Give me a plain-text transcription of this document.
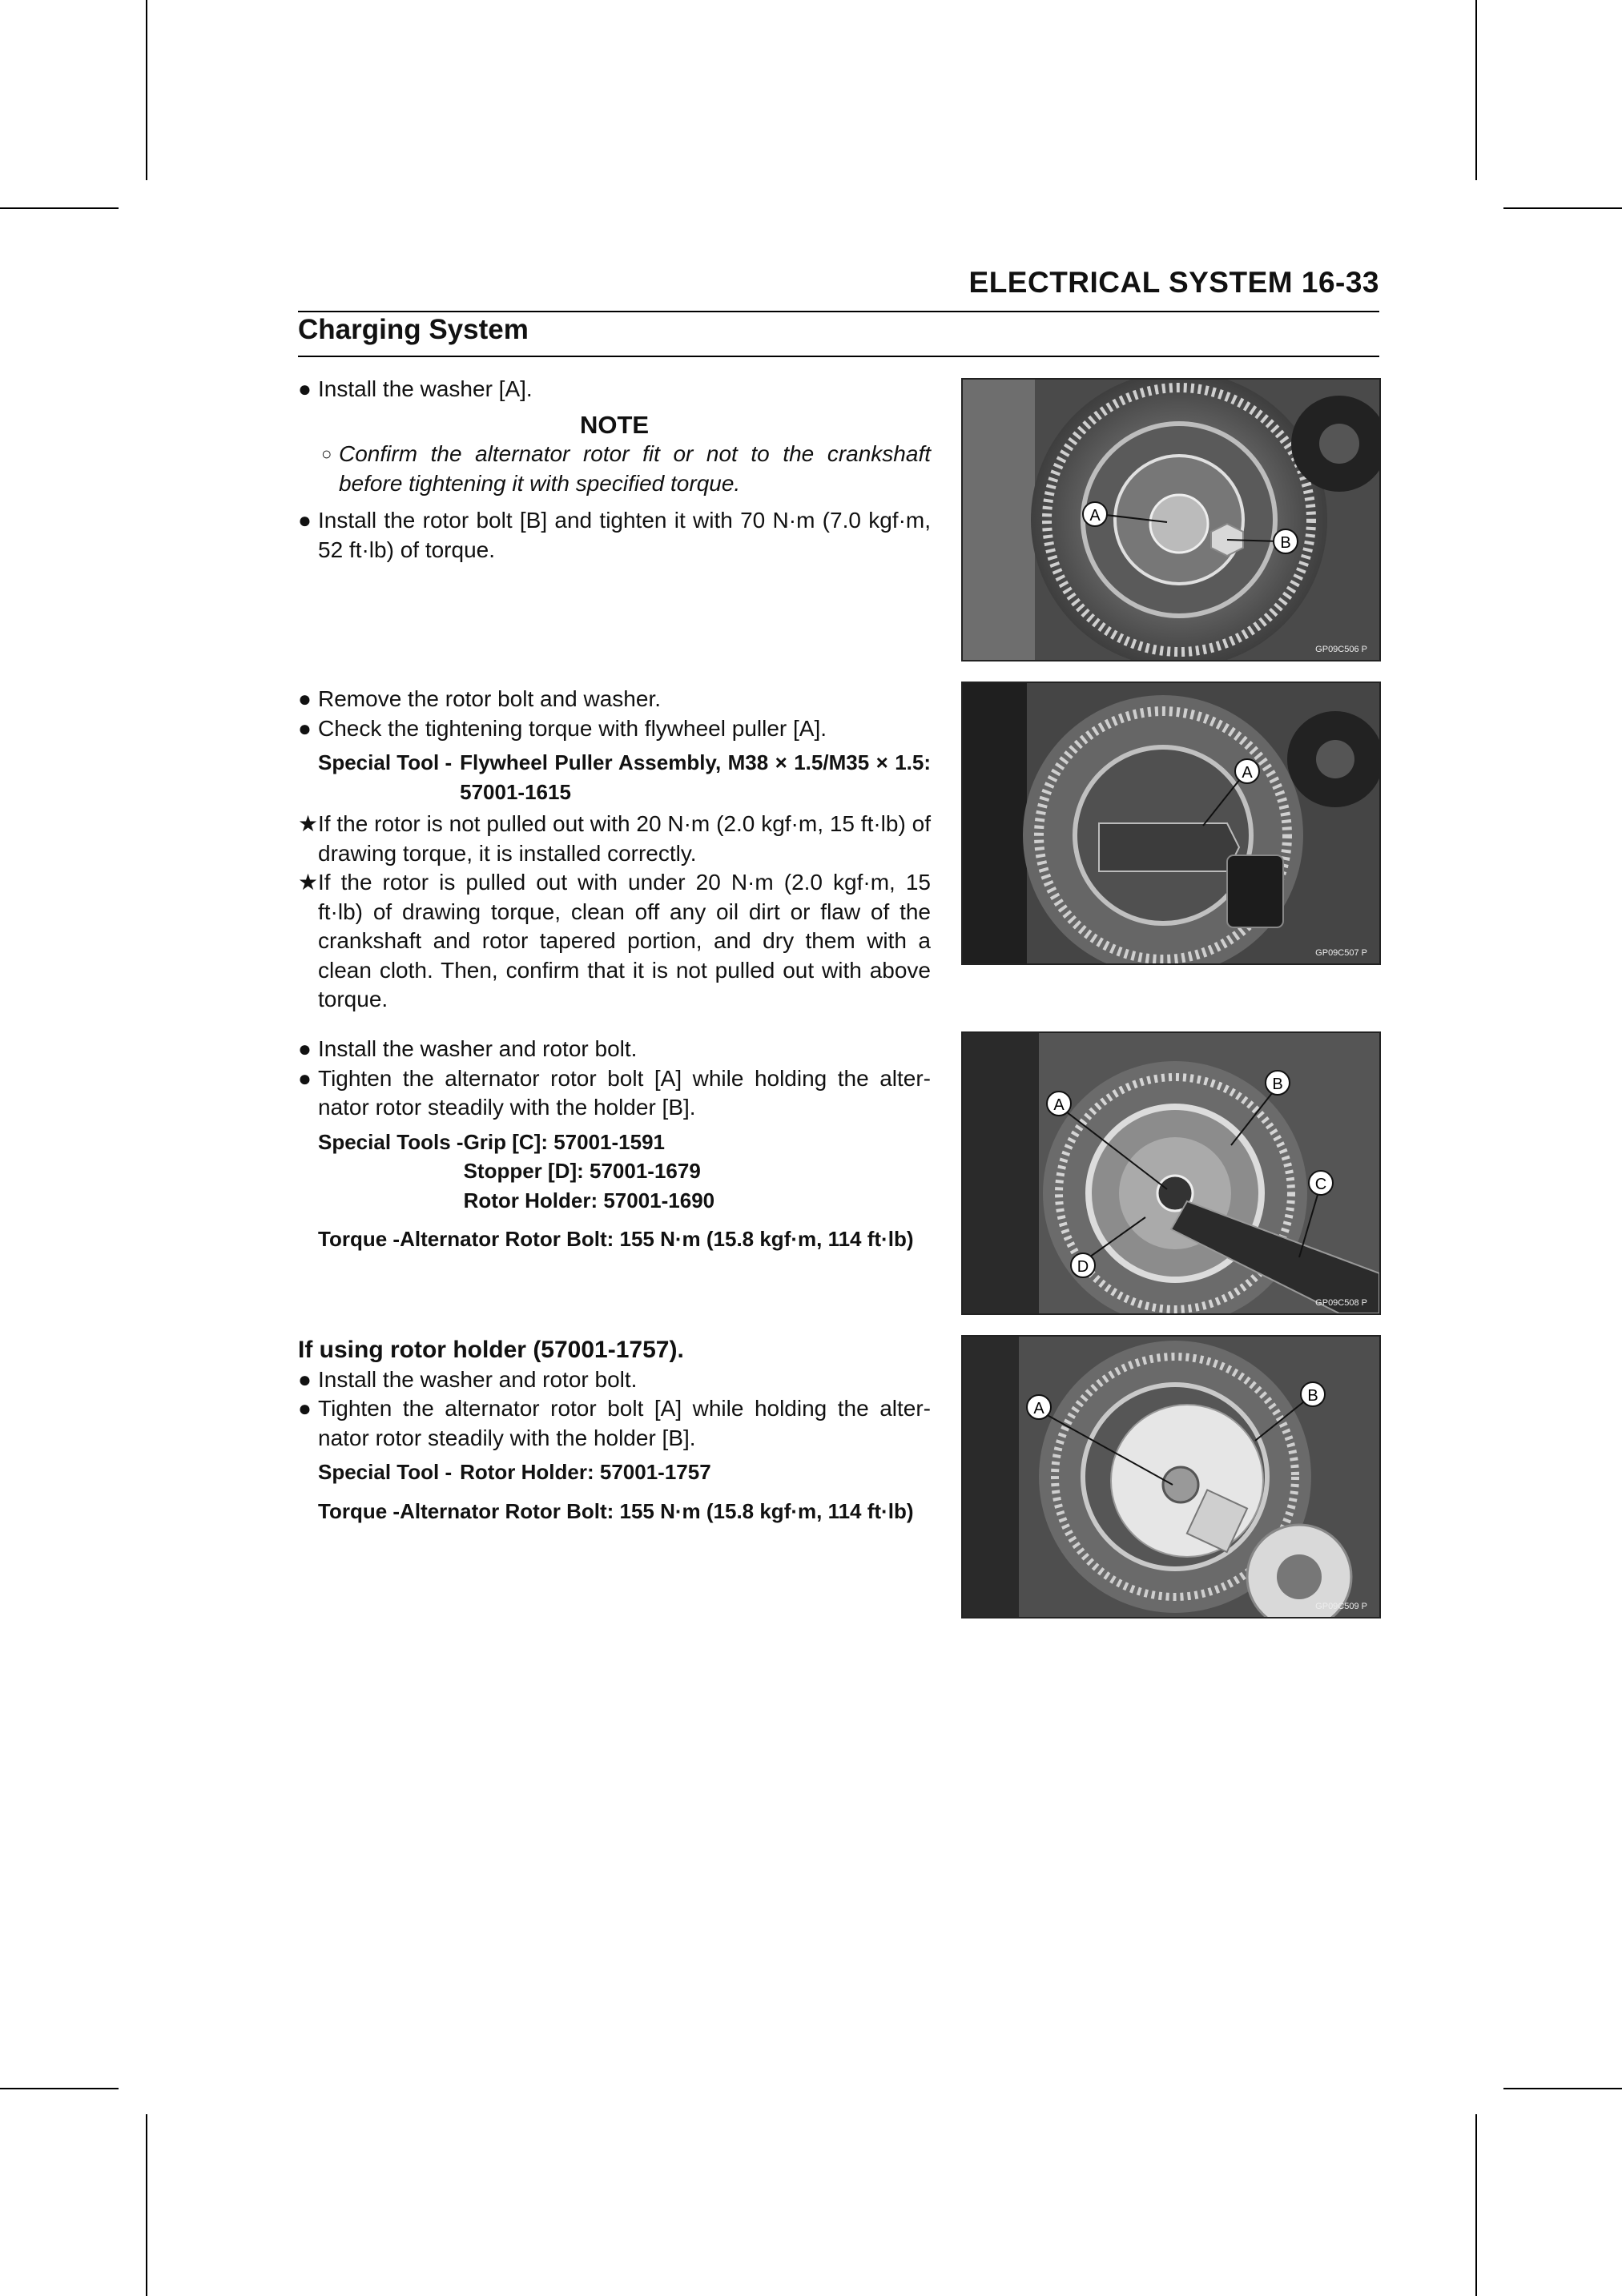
ELECTRICAL SYSTEM 16-33
Charging System
● Install the washer [A].
NOTE
○ Confirm the alternator rotor fit or not to the crankshaft before tightening it with specified torque.
● Install the rotor bolt [B] and tighten it with 70 N·m (7.0 kgf·m, 52 ft·lb) of torque.
● Remove the rotor bolt and washer.
● Check the tightening torque with flywheel puller [A].
Special Tool - Flywheel Puller Assembly, M38 × 1.5/M35 × 1.5: 57001-1615
★ If the rotor is not pulled out with 20 N·m (2.0 kgf·m, 15 ft·lb) of drawing torque, it is installed correctly.
★ If the rotor is pulled out with under 20 N·m (2.0 kgf·m, 15 ft·lb) of drawing torque, clean off any oil dirt or flaw of the crankshaft and rotor tapered portion, and dry them with a clean cloth. Then, confirm that it is not pulled out with above torque.
● Install the washer and rotor bolt.
● Tighten the alternator rotor bolt [A] while holding the alter-nator rotor steadily with the holder [B].
Special Tools - Grip [C]: 57001-1591
Stopper [D]: 57001-1679
Rotor Holder: 57001-1690
Torque - Alternator Rotor Bolt: 155 N·m (15.8 kgf·m, 114 ft·lb)
If using rotor holder (57001-1757).
● Install the washer and rotor bolt.
● Tighten the alternator rotor bolt [A] while holding the alter-nator rotor steadily with the holder [B].
Special Tool - Rotor Holder: 57001-1757
Torque - Alternator Rotor Bolt: 155 N·m (15.8 kgf·m, 114 ft·lb)
A
B
GP09C506 P
A
GP09C507 P
A
B
C
D
GP09C508 P
A
B
GP09C509 P
